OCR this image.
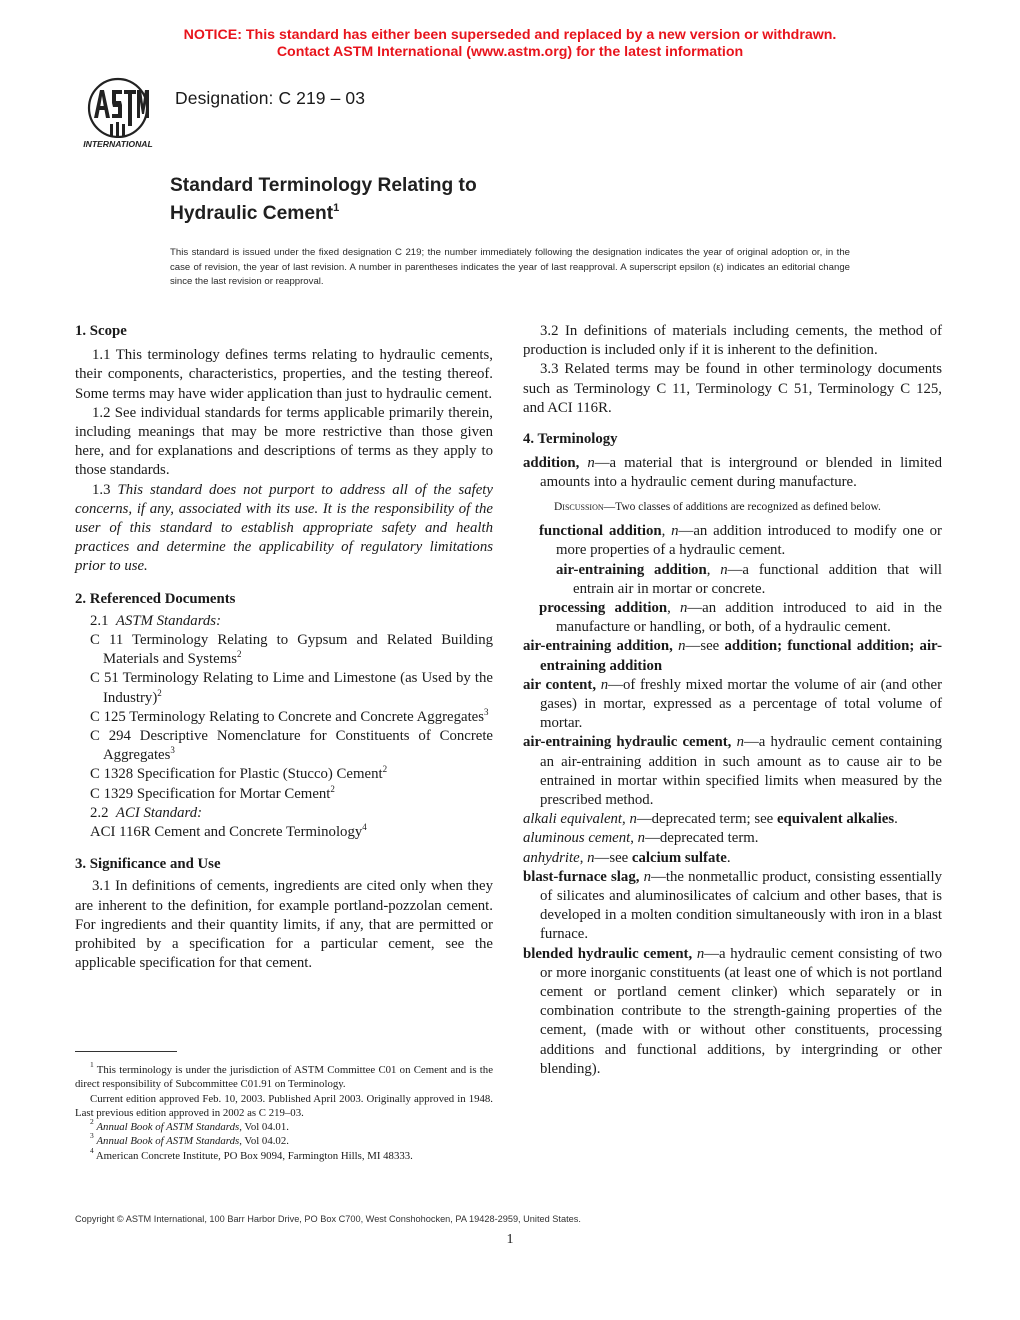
NOTICE: This standard has either been superseded and replaced by a new version or withdrawn.
Contact ASTM International (www.astm.org) for the latest information
INTERNATIONAL
Designation: C 219 – 03
Standard Terminology Relating to
Hydraulic Cement$^1$
This standard is issued under the fixed designation C 219; the number immediately following the designation indicates the year of original adoption or, in the case of revision, the year of last revision. A number in parentheses indicates the year of last reapproval. A superscript epsilon (ε) indicates an editorial change since the last revision or reapproval.

1. Scope

1.1 This terminology defines terms relating to hydraulic cements, their components, characteristics, properties, and the testing thereof. Some terms may have wider application than just to hydraulic cement.

1.2 See individual standards for terms applicable primarily therein, including meanings that may be more restrictive than those given here, and for explanations and descriptions of terms as they apply to those standards.

1.3 This standard does not purport to address all of the safety concerns, if any, associated with its use. It is the responsibility of the user of this standard to establish appropriate safety and health practices and determine the applicability of regulatory limitations prior to use.

2. Referenced Documents

2.1 ASTM Standards:

C 11 Terminology Relating to Gypsum and Related Building Materials and Systems$^2$

C 51 Terminology Relating to Lime and Limestone (as Used by the Industry)$^2$

C 125 Terminology Relating to Concrete and Concrete Aggregates$^3$

C 294 Descriptive Nomenclature for Constituents of Concrete Aggregates$^3$

C 1328 Specification for Plastic (Stucco) Cement$^2$

C 1329 Specification for Mortar Cement$^2$

2.2 ACI Standard:

ACI 116R Cement and Concrete Terminology$^4$

3. Significance and Use

3.1 In definitions of cements, ingredients are cited only when they are inherent to the definition, for example portland-pozzolan cement. For ingredients and their quantity limits, if any, that are permitted or prohibited by a specification for a particular cement, see the applicable specification for that cement.

3.2 In definitions of materials including cements, the method of production is included only if it is inherent to the definition.

3.3 Related terms may be found in other terminology documents such as Terminology C 11, Terminology C 51, Terminology C 125, and ACI 116R.

4. Terminology

addition, n—a material that is interground or blended in limited amounts into a hydraulic cement during manufacture.

Discussion—Two classes of additions are recognized as defined below.

functional addition, n—an addition introduced to modify one or more properties of a hydraulic cement.

air-entraining addition, n—a functional addition that will entrain air in mortar or concrete.

processing addition, n—an addition introduced to aid in the manufacture or handling, or both, of a hydraulic cement.

air-entraining addition, n—see addition; functional addition; air-entraining addition

air content, n—of freshly mixed mortar the volume of air (and other gases) in mortar, expressed as a percentage of total volume of mortar.

air-entraining hydraulic cement, n—a hydraulic cement containing an air-entraining addition in such amount as to cause air to be entrained in mortar within specified limits when measured by the prescribed method.

alkali equivalent, n—deprecated term; see equivalent alkalies.

aluminous cement, n—deprecated term.

anhydrite, n—see calcium sulfate.

blast-furnace slag, n—the nonmetallic product, consisting essentially of silicates and aluminosilicates of calcium and other bases, that is developed in a molten condition simultaneously with iron in a blast furnace.

blended hydraulic cement, n—a hydraulic cement consisting of two or more inorganic constituents (at least one of which is not portland cement or portland cement clinker) which separately or in combination contribute to the strength-gaining properties of the cement, (made with or without other constituents, processing additions and functional additions, by intergrinding or other blending).

$^1$ This terminology is under the jurisdiction of ASTM Committee C01 on Cement and is the direct responsibility of Subcommittee C01.91 on Terminology.

Current edition approved Feb. 10, 2003. Published April 2003. Originally approved in 1948. Last previous edition approved in 2002 as C 219–03.

$^2$ Annual Book of ASTM Standards, Vol 04.01.

$^3$ Annual Book of ASTM Standards, Vol 04.02.

$^4$ American Concrete Institute, PO Box 9094, Farmington Hills, MI 48333.

Copyright © ASTM International, 100 Barr Harbor Drive, PO Box C700, West Conshohocken, PA 19428-2959, United States.
1
